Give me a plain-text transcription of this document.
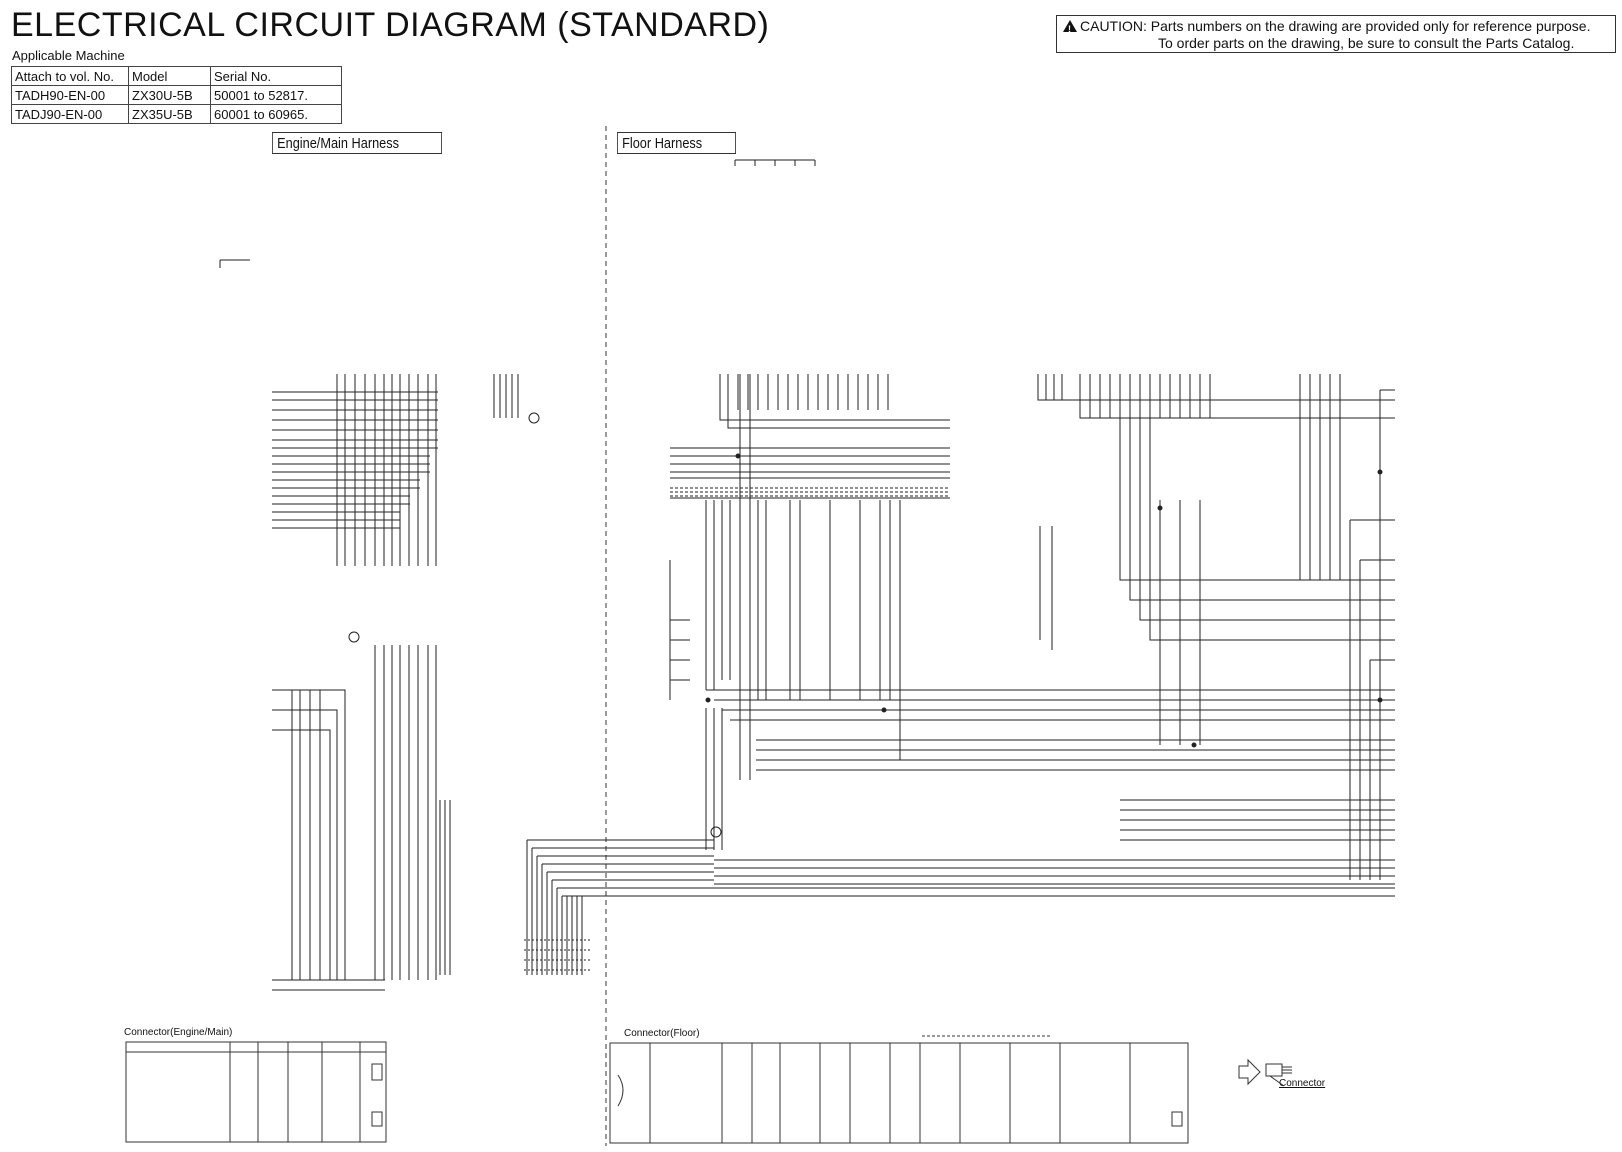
ELECTRICAL CIRCUIT DIAGRAM (STANDARD) !	CAUTION: Parts numbers on the drawing are provided only for reference purpose.
To order parts on the drawing, be sure to consult the Parts Catalog.
Applicable Machine
Attach to vol. No.	Model	Serial No.
TADH90-EN-00	ZX30U-5B	50001 to 52817.
TADJ90-EN-00	ZX35U-5B	60001 to 60965.
Engine/Main Harness	Floor Harness
Connector(Engine/Main)	Connector(Floor)
Connector
